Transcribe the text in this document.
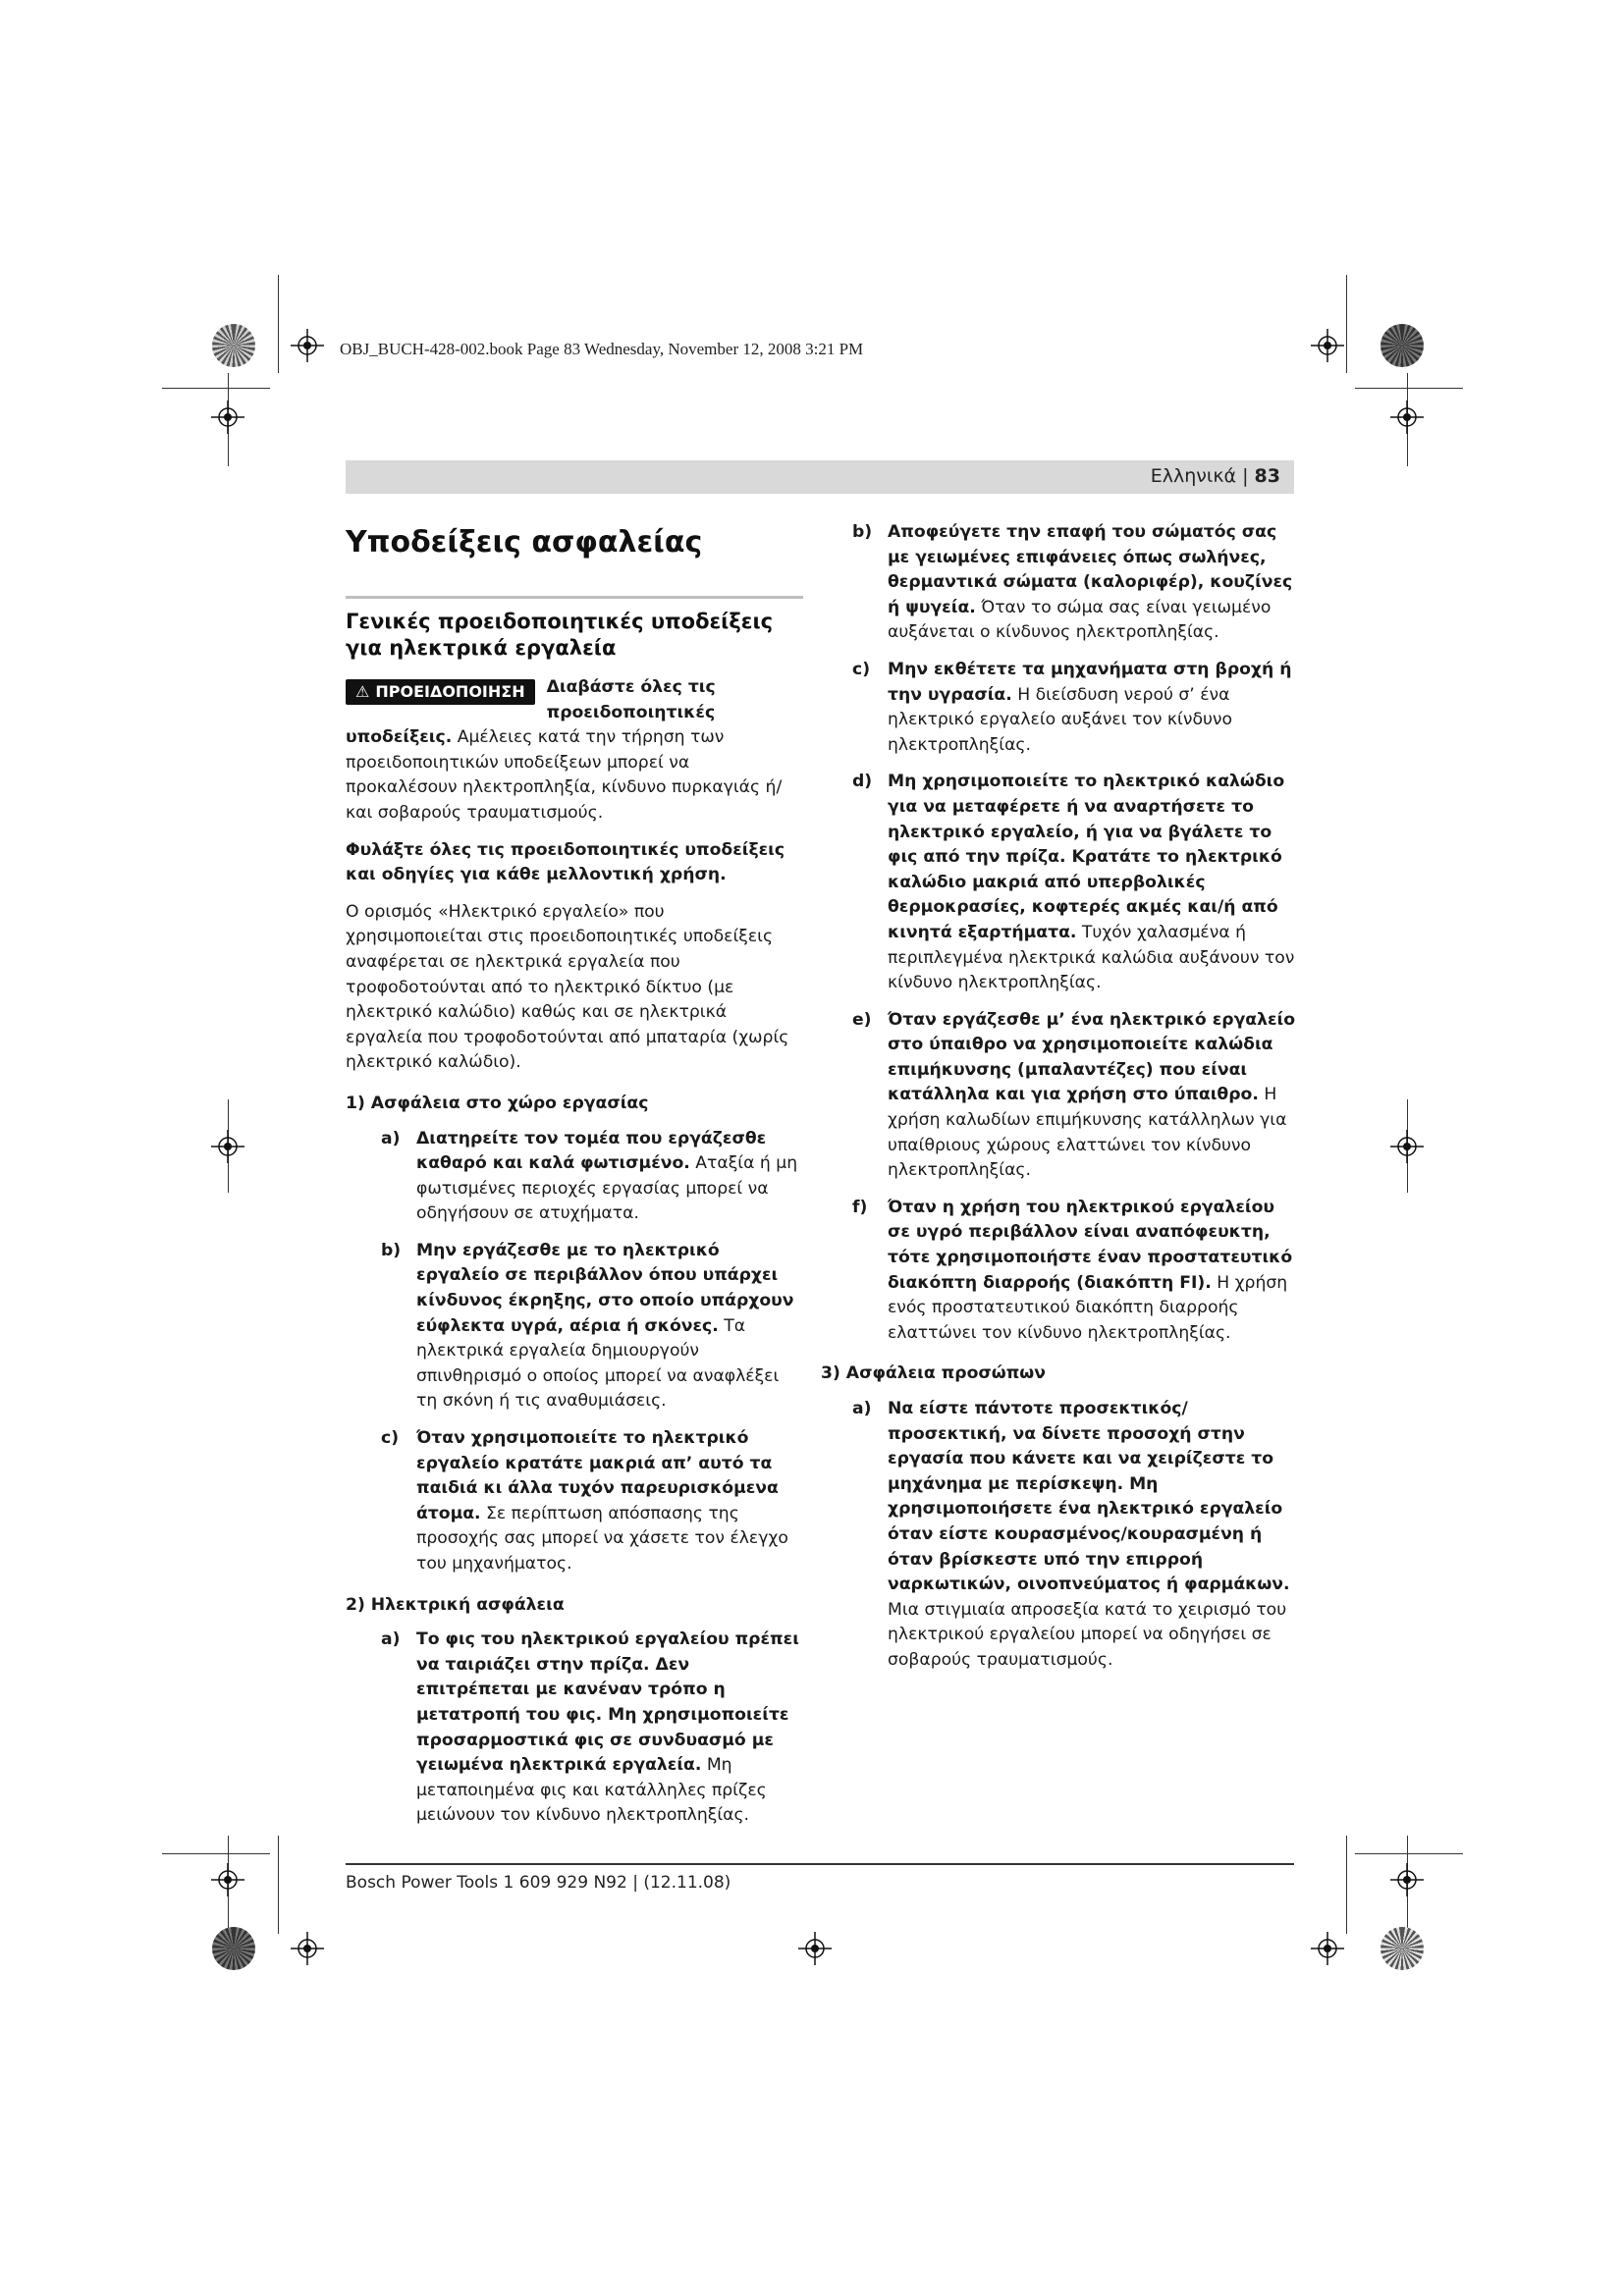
OBJ_BUCH-428-002.book Page 83 Wednesday, November 12, 2008 3:21 PM
Ελληνικά | 83
Υποδείξεις ασφαλείας
Γενικές προειδοποιητικές υποδείξεις για ηλεκτρικά εργαλεία

⚠ ΠΡΟΕΙΔΟΠΟΙΗΣΗ	Διαβάστε όλες τις προειδοποιητικές υποδείξεις. Αμέλειες κατά την τήρηση των προειδοποιητικών υποδείξεων μπορεί να προκαλέσουν ηλεκτροπληξία, κίνδυνο πυρκαγιάς ή/και σοβαρούς τραυματισμούς.

Φυλάξτε όλες τις προειδοποιητικές υποδείξεις και οδηγίες για κάθε μελλοντική χρήση.

Ο ορισμός «Ηλεκτρικό εργαλείο» που χρησιμοποιείται στις προειδοποιητικές υποδείξεις αναφέρεται σε ηλεκτρικά εργαλεία που τροφοδοτούνται από το ηλεκτρικό δίκτυο (με ηλεκτρικό καλώδιο) καθώς και σε ηλεκτρικά εργαλεία που τροφοδοτούνται από μπαταρία (χωρίς ηλεκτρικό καλώδιο).

1) Ασφάλεια στο χώρο εργασίας

a) Διατηρείτε τον τομέα που εργάζεσθε καθαρό και καλά φωτισμένο. Αταξία ή μη φωτισμένες περιοχές εργασίας μπορεί να οδηγήσουν σε ατυχήματα.

b) Μην εργάζεσθε με το ηλεκτρικό εργαλείο σε περιβάλλον όπου υπάρχει κίνδυνος έκρηξης, στο οποίο υπάρχουν εύφλεκτα υγρά, αέρια ή σκόνες. Τα ηλεκτρικά εργαλεία δημιουργούν σπινθηρισμό ο οποίος μπορεί να αναφλέξει τη σκόνη ή τις αναθυμιάσεις.

c) Όταν χρησιμοποιείτε το ηλεκτρικό εργαλείο κρατάτε μακριά απ’ αυτό τα παιδιά κι άλλα τυχόν παρευρισκόμενα άτομα. Σε περίπτωση απόσπασης της προσοχής σας μπορεί να χάσετε τον έλεγχο του μηχανήματος.

2) Ηλεκτρική ασφάλεια

a) Το φις του ηλεκτρικού εργαλείου πρέπει να ταιριάζει στην πρίζα. Δεν επιτρέπεται με κανέναν τρόπο η μετατροπή του φις. Μη χρησιμοποιείτε προσαρμοστικά φις σε συνδυασμό με γειωμένα ηλεκτρικά εργαλεία. Μη μεταποιημένα φις και κατάλληλες πρίζες μειώνουν τον κίνδυνο ηλεκτροπληξίας.

b) Αποφεύγετε την επαφή του σώματός σας με γειωμένες επιφάνειες όπως σωλήνες, θερμαντικά σώματα (καλοριφέρ), κουζίνες ή ψυγεία. Όταν το σώμα σας είναι γειωμένο αυξάνεται ο κίνδυνος ηλεκτροπληξίας.

c) Μην εκθέτετε τα μηχανήματα στη βροχή ή την υγρασία. Η διείσδυση νερού σ’ ένα ηλεκτρικό εργαλείο αυξάνει τον κίνδυνο ηλεκτροπληξίας.

d) Μη χρησιμοποιείτε το ηλεκτρικό καλώδιο για να μεταφέρετε ή να αναρτήσετε το ηλεκτρικό εργαλείο, ή για να βγάλετε το φις από την πρίζα. Κρατάτε το ηλεκτρικό καλώδιο μακριά από υπερβολικές θερμοκρασίες, κοφτερές ακμές και/ή από κινητά εξαρτήματα. Τυχόν χαλασμένα ή περιπλεγμένα ηλεκτρικά καλώδια αυξάνουν τον κίνδυνο ηλεκτροπληξίας.

e) Όταν εργάζεσθε μ’ ένα ηλεκτρικό εργαλείο στο ύπαιθρο να χρησιμοποιείτε καλώδια επιμήκυνσης (μπαλαντέζες) που είναι κατάλληλα και για χρήση στο ύπαιθρο. Η χρήση καλωδίων επιμήκυνσης κατάλληλων για υπαίθριους χώρους ελαττώνει τον κίνδυνο ηλεκτροπληξίας.

f) Όταν η χρήση του ηλεκτρικού εργαλείου σε υγρό περιβάλλον είναι αναπόφευκτη, τότε χρησιμοποιήστε έναν προστατευτικό διακόπτη διαρροής (διακόπτη FI). Η χρήση ενός προστατευτικού διακόπτη διαρροής ελαττώνει τον κίνδυνο ηλεκτροπληξίας.

3) Ασφάλεια προσώπων

a) Να είστε πάντοτε προσεκτικός/προσεκτική, να δίνετε προσοχή στην εργασία που κάνετε και να χειρίζεστε το μηχάνημα με περίσκεψη. Μη χρησιμοποιήσετε ένα ηλεκτρικό εργαλείο όταν είστε κουρασμένος/κουρασμένη ή όταν βρίσκεστε υπό την επιρροή ναρκωτικών, οινοπνεύματος ή φαρμάκων. Μια στιγμιαία απροσεξία κατά το χειρισμό του ηλεκτρικού εργαλείου μπορεί να οδηγήσει σε σοβαρούς τραυματισμούς.

Bosch Power Tools 1 609 929 N92 | (12.11.08)
